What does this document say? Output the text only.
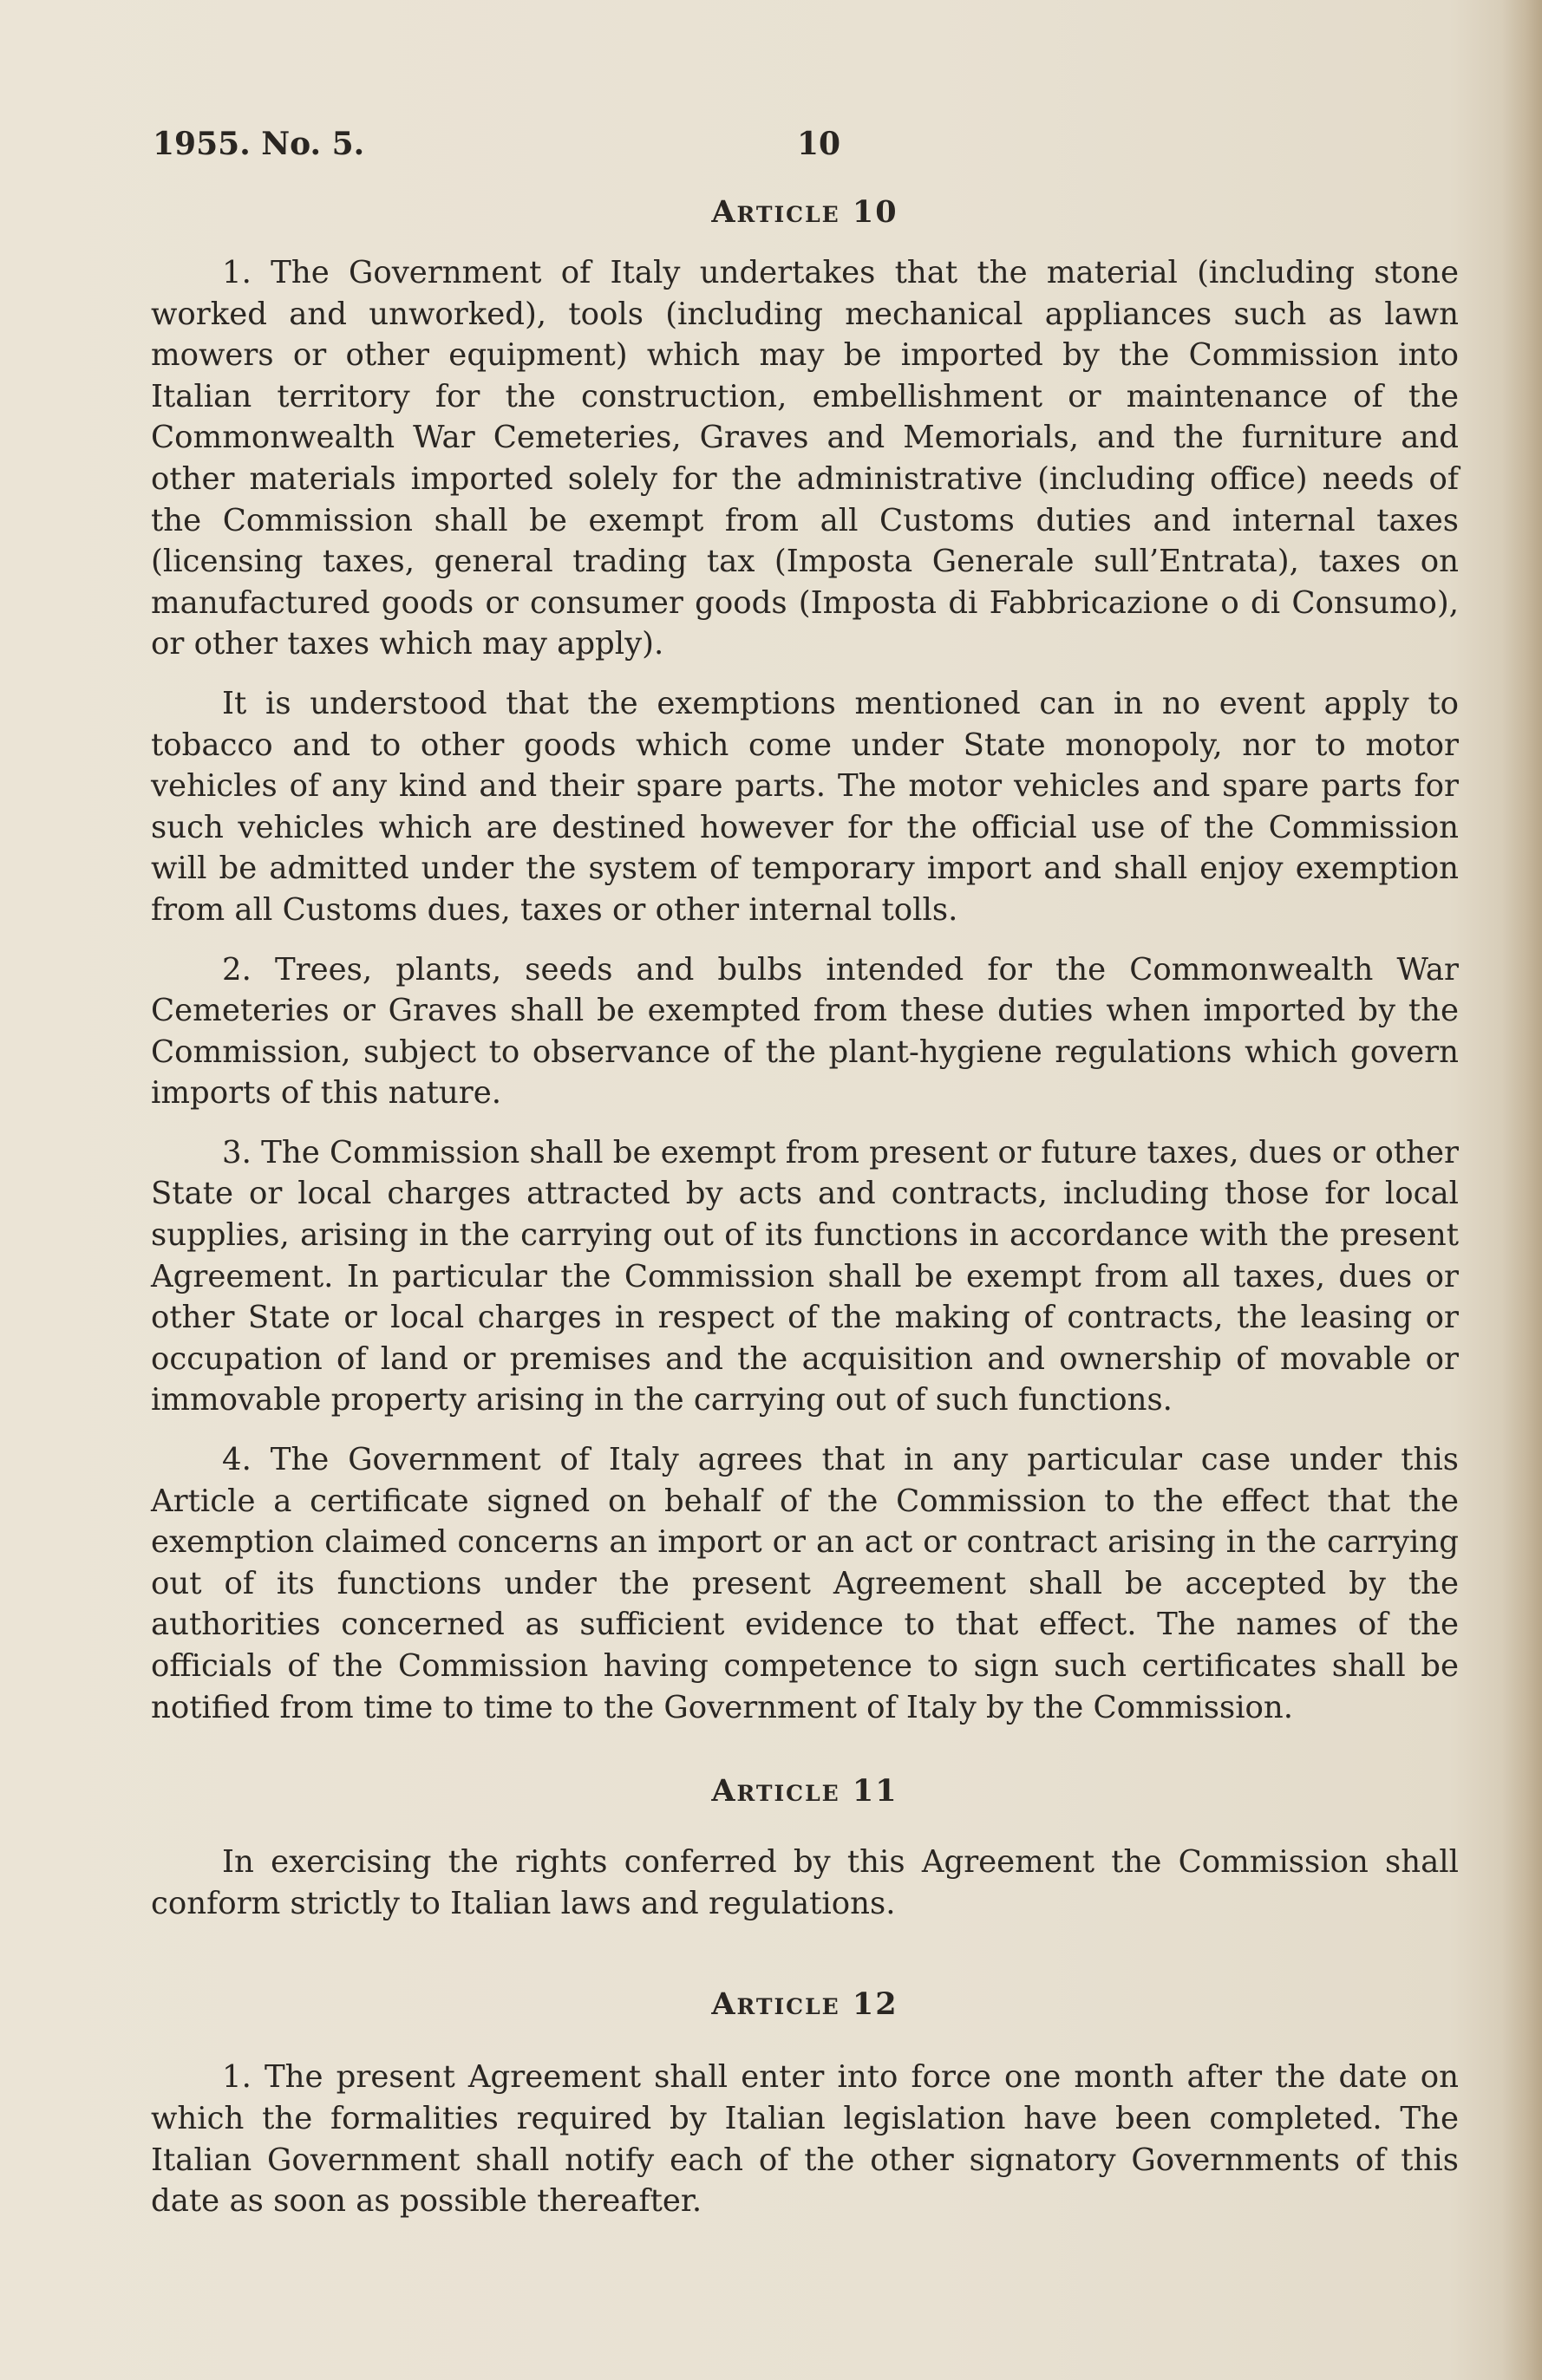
1955. No. 5.	10
Article 10

1. The Government of Italy undertakes that the material (including stone worked and unworked), tools (including mechanical appliances such as lawn mowers or other equipment) which may be imported by the Commission into Italian territory for the construction, embellishment or maintenance of the Commonwealth War Cemeteries, Graves and Memorials, and the furniture and other materials imported solely for the administrative (including office) needs of the Commission shall be exempt from all Customs duties and internal taxes (licensing taxes, general trading tax (Imposta Generale sull’Entrata), taxes on manufactured goods or consumer goods (Imposta di Fabbricazione o di Consumo), or other taxes which may apply).

It is understood that the exemptions mentioned can in no event apply to tobacco and to other goods which come under State monopoly, nor to motor vehicles of any kind and their spare parts. The motor vehicles and spare parts for such vehicles which are destined however for the official use of the Commission will be admitted under the system of temporary import and shall enjoy exemption from all Customs dues, taxes or other internal tolls.

2. Trees, plants, seeds and bulbs intended for the Commonwealth War Cemeteries or Graves shall be exempted from these duties when imported by the Commission, subject to observance of the plant-hygiene regulations which govern imports of this nature.

3. The Commission shall be exempt from present or future taxes, dues or other State or local charges attracted by acts and contracts, including those for local supplies, arising in the carrying out of its functions in accordance with the present Agreement. In particular the Commission shall be exempt from all taxes, dues or other State or local charges in respect of the making of contracts, the leasing or occupation of land or premises and the acquisition and ownership of movable or immovable property arising in the carrying out of such functions.

4. The Government of Italy agrees that in any particular case under this Article a certificate signed on behalf of the Commission to the effect that the exemption claimed concerns an import or an act or contract arising in the carrying out of its functions under the present Agreement shall be accepted by the authorities concerned as sufficient evidence to that effect. The names of the officials of the Commission having competence to sign such certificates shall be notified from time to time to the Government of Italy by the Commission.

Article 11

In exercising the rights conferred by this Agreement the Commission shall conform strictly to Italian laws and regulations.

Article 12

1. The present Agreement shall enter into force one month after the date on which the formalities required by Italian legislation have been completed. The Italian Government shall notify each of the other signatory Governments of this date as soon as possible thereafter.
